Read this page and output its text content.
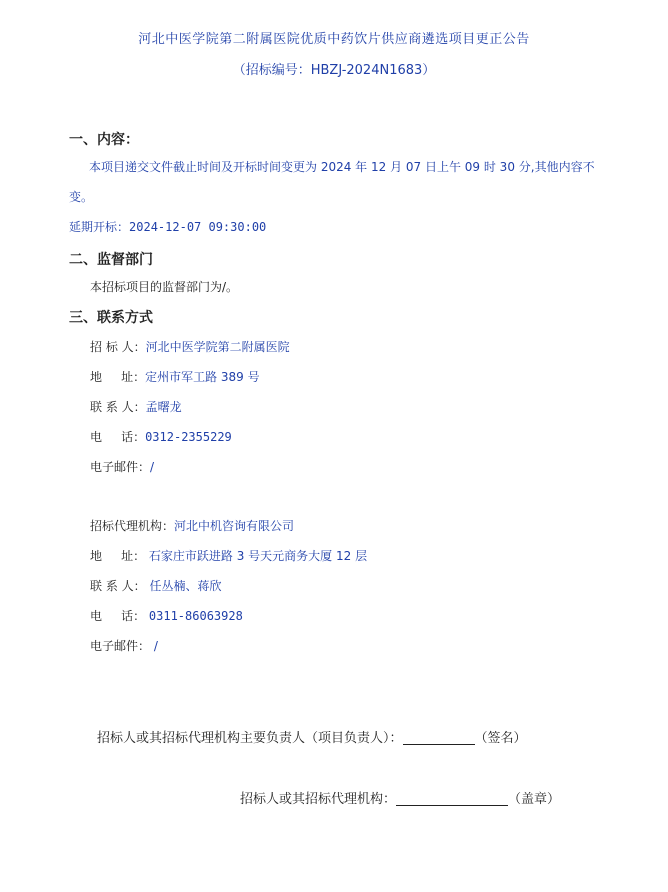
河北中医学院第二附属医院优质中药饮片供应商遴选项目更正公告
（招标编号：HBZJ-2024N1683）
一、内容：
本项目递交文件截止时间及开标时间变更为 2024 年 12 月 07 日上午 09 时 30 分,其他内容不变。
延期开标：2024-12-07 09:30:00
二、监督部门
本招标项目的监督部门为/。
三、联系方式
招 标 人：河北中医学院第二附属医院
地     址：定州市军工路 389 号
联 系 人：孟曙龙
电     话：0312-2355229
电子邮件：/
招标代理机构：河北中机咨询有限公司
地     址： 石家庄市跃进路 3 号天元商务大厦 12 层
联 系 人： 任丛楠、蒋欣
电     话： 0311-86063928
电子邮件： /
招标人或其招标代理机构主要负责人（项目负责人）：	（签名）
招标人或其招标代理机构：	（盖章）
